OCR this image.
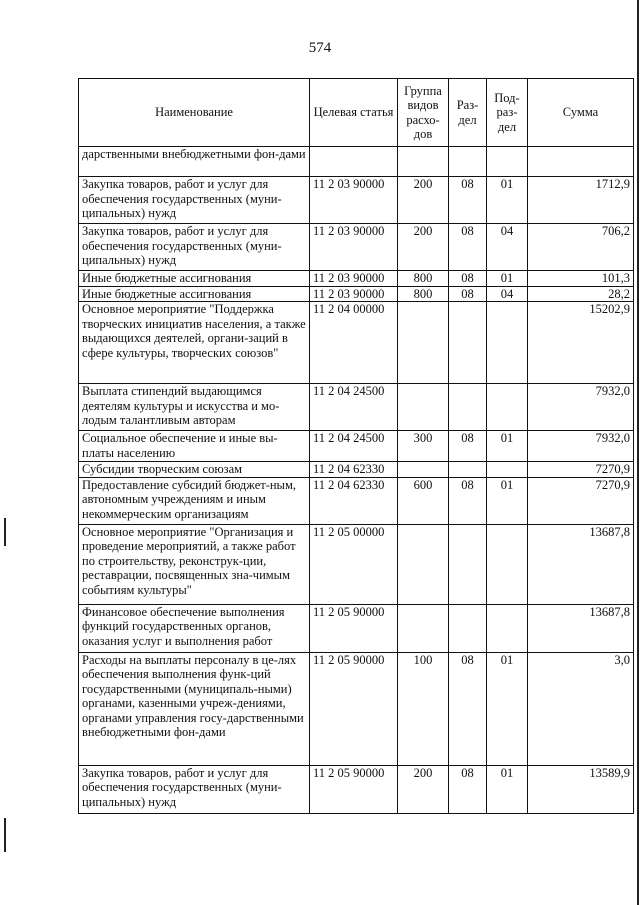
574
Наименование	Целевая статья	Группа видов расхо-дов	Раз-дел	Под-раз-дел	Сумма
дарственными внебюджетными фон-дами					
Закупка товаров, работ и услуг для обеспечения государственных (муни-ципальных) нужд	11 2 03 90000	200	08	01	1712,9
Закупка товаров, работ и услуг для обеспечения государственных (муни-ципальных) нужд	11 2 03 90000	200	08	04	706,2
Иные бюджетные ассигнования	11 2 03 90000	800	08	01	101,3
Иные бюджетные ассигнования	11 2 03 90000	800	08	04	28,2
Основное мероприятие "Поддержка творческих инициатив населения, а также выдающихся деятелей, органи-заций в сфере культуры, творческих союзов"	11 2 04 00000				15202,9
Выплата стипендий выдающимся деятелям культуры и искусства и мо-лодым талантливым авторам	11 2 04 24500				7932,0
Социальное обеспечение и иные вы-платы населению	11 2 04 24500	300	08	01	7932,0
Субсидии творческим союзам	11 2 04 62330				7270,9
Предоставление субсидий бюджет-ным, автономным учреждениям и иным некоммерческим организациям	11 2 04 62330	600	08	01	7270,9
Основное мероприятие "Организация и проведение мероприятий, а также работ по строительству, реконструк-ции, реставрации, посвященных зна-чимым событиям культуры"	11 2 05 00000				13687,8
Финансовое обеспечение выполнения функций государственных органов, оказания услуг и выполнения работ	11 2 05 90000				13687,8
Расходы на выплаты персоналу в це-лях обеспечения выполнения функ-ций государственными (муниципаль-ными) органами, казенными учреж-дениями, органами управления госу-дарственными внебюджетными фон-дами	11 2 05 90000	100	08	01	3,0
Закупка товаров, работ и услуг для обеспечения государственных (муни-ципальных) нужд	11 2 05 90000	200	08	01	13589,9
